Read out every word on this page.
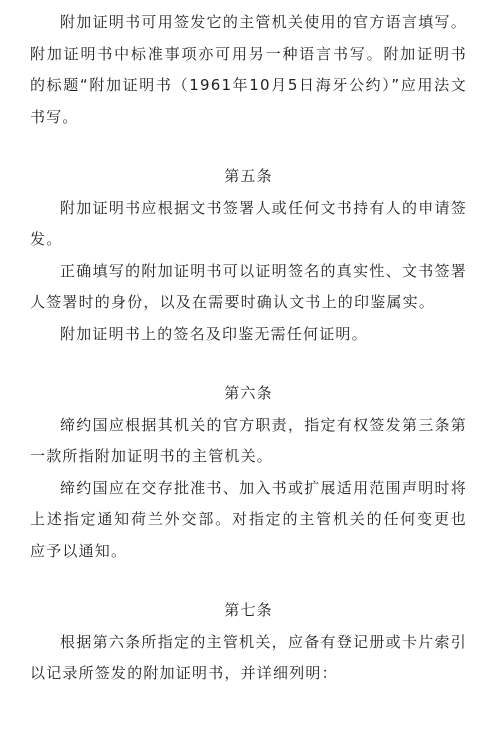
附加证明书可用签发它的主管机关使用的官方语言填写。附加证明书中标准事项亦可用另一种语言书写。附加证明书的标题“附加证明书（1961年10月5日海牙公约）”应用法文书写。

第五条

附加证明书应根据文书签署人或任何文书持有人的申请签发。

正确填写的附加证明书可以证明签名的真实性、文书签署人签署时的身份，以及在需要时确认文书上的印鉴属实。

附加证明书上的签名及印鉴无需任何证明。

第六条

缔约国应根据其机关的官方职责，指定有权签发第三条第一款所指附加证明书的主管机关。

缔约国应在交存批准书、加入书或扩展适用范围声明时将上述指定通知荷兰外交部。对指定的主管机关的任何变更也应予以通知。

第七条

根据第六条所指定的主管机关，应备有登记册或卡片索引以记录所签发的附加证明书，并详细列明：
